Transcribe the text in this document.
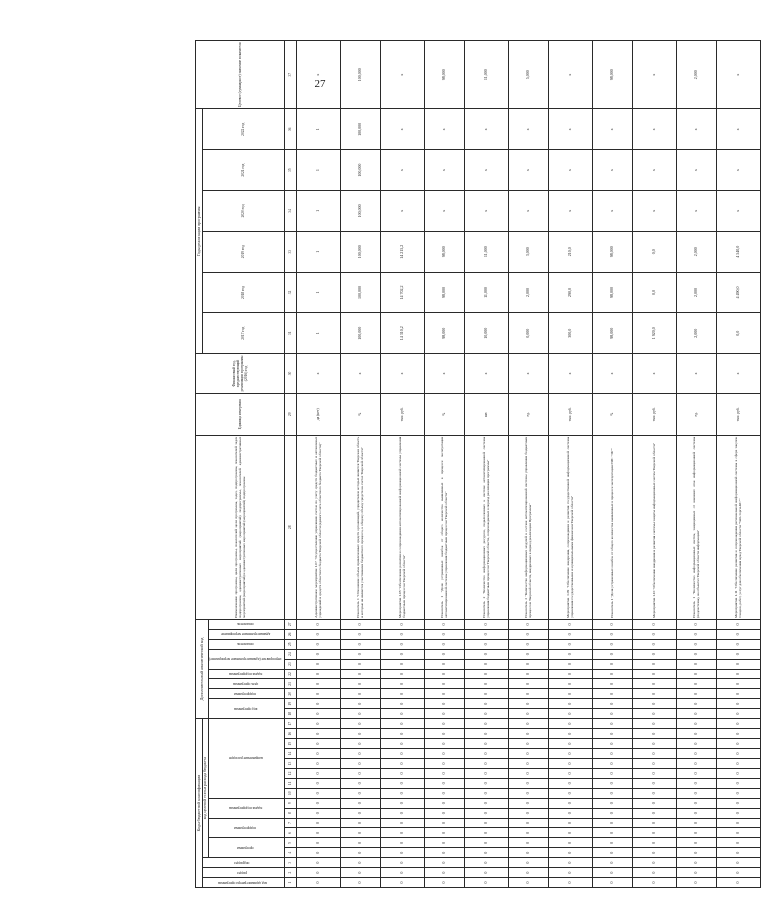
27
Коды бюджетной классификации																	Дополнительный аналитический код										Наименование программы, цели программы, показателей цели программы, задач, подпрограммы, показателей задач подпрограммы, административных мероприятий (мероприятий) подпрограммы, показателей административных мероприятий (мероприятий) и административных мероприятий (мероприятий) подпрограммы	Единица измерения	Финансовый год, предшествующий реализации программы (2016) год	Годы реализации программы						Целевое (суммарное) значение показателя
код администратора программы	раздел	подраздел	код целевой статьи расхода бюджета																											2017 год	2018 год	2019 год	2020 год	2021 год	2022 год	
			программа		подпрограмма		задача подпрограммы		направление расходов								код программы		подпрограмма	цель программы	задача подпрограммы	мероприятие (административное мероприятие)		показатель	административное мероприятие	показатель										
1	2	3	4	5	6	7	8	9	10	11	12	13	14	15	16	17	18	19	20	21	22	23	24	25	26	27	28	29	30	31	32	33	34	35	36	37
0	0	0	0	0	0	0	0	0	0	0	0	0	0	0	0	0	0	0	0	0	0	0	0	0	0	0	Административное мероприятие 1.07 "Осуществление управления счетом по учету средств бюджетных и автономных учреждений и средств областного бюджета Тверской области (единого счета областного бюджета Тверской области)"	да (нет)	х	1	1	1	1	1	1	х
0	0	0	0	0	0	0	0	0	0	0	0	0	0	0	0	0	0	0	0	0	0	0	0	0	0	0	Показатель 1 "Отношение объема привлеченных средств организаций, учредителем которых является Тверская область и которые не являются участниками бюджетного процесса, к общему объему средств на счетах Тверской области"	%	х	100,000	100,000	100,000	100,000	100,000	100,000	100,000
0	0	0	0	0	0	0	0	0	0	0	0	0	0	0	0	0	0	0	0	0	0	0	0	0	0	0	Мероприятие 1.08 "Обеспечение развития и сопровождения автоматизированной информационной системы управления бюджетным процессом Тверской области"	тыс. руб.	х	14 310,2	14 702,2	14 215,2	х	х	х	х
0	0	0	0	0	0	0	0	0	0	0	0	0	0	0	0	0	0	0	0	0	0	0	0	0	0	0	Показатель 1 "Доля устраненных ошибок от общего количества выявленных в процессе эксплуатации автоматизированной системы управления бюджетным процессом Тверской области"	%	х	98,000	98,000	98,000	х	х	х	98,000
0	0	0	0	0	0	0	0	0	0	0	0	0	0	0	0	0	0	0	0	0	0	0	0	0	0	0	Показатель 2 "Количество информационных ресурсов, подключенных к системе автоматизированной системы управления бюджетным процессом Тверской области, сопровождаемых в период реализации программы"	шт.	х	10,000	11,000	11,000	х	х	х	11,000
0	0	0	0	0	0	0	0	0	0	0	0	0	0	0	0	0	0	0	0	0	0	0	0	0	0	0	Показатель 3 "Количество информационных модулей в составе автоматизированной системы управления бюджетным процессом Тверской области, внедренных в период реализации Программы"	ед.	х	0,000	2,000	3,000	х	х	х	5,000
0	0	0	0	0	0	0	0	0	0	0	0	0	0	0	0	0	0	0	0	0	0	0	0	0	0	0	Мероприятие 1.09 "Обеспечение внедрения, сопровождения и развития государственной информационной системы управления государственными и муниципальными финансами Тверской области"	тыс. руб.	х	300,0	290,0	210,0	х	х	х	х
0	0	0	0	0	0	0	0	0	0	0	0	0	0	0	0	0	0	0	0	0	0	0	0	0	0	0	Показатель 1 "Доля устраненных ошибок от общего количества выявленных в процессе эксплуатации ГИС "ЭБ""	%	х	98,000	98,000	98,000	х	х	х	98,000
0	0	0	0	0	0	0	0	0	0	0	0	0	0	0	0	0	0	0	0	0	0	0	0	0	0	0	Мероприятие 1.10 "Обеспечение внедрения и развития системы защиты информационных систем Тверской области"	тыс. руб.	х	1 920,0	0,0	0,0	х	х	х	х
0	0	0	0	0	0	0	0	0	0	0	0	0	0	0	0	0	0	0	0	0	0	0	0	0	0	0	Показатель 1 "Количество информационных систем, защищенных от внешних атак информационной системы (подсистемы), на объектах Тверской области информации"	ед.	х	2,000	2,000	2,000	х	х	х	2,000
0	0	0	0	0	0	0	0	0	0	0	0	0	0	0	0	0	0	0	0	0	0	0	0	0	0	0	Мероприятие 1.11 "Обеспечение развития и сопровождения региональной информационной системы в сфере закупок товаров, работ, услуг для обеспечения нужд Тверской области "Web-торги-КС""	тыс. руб.	х	0,0	4 490,0	4 540,0	х	х	х	х
